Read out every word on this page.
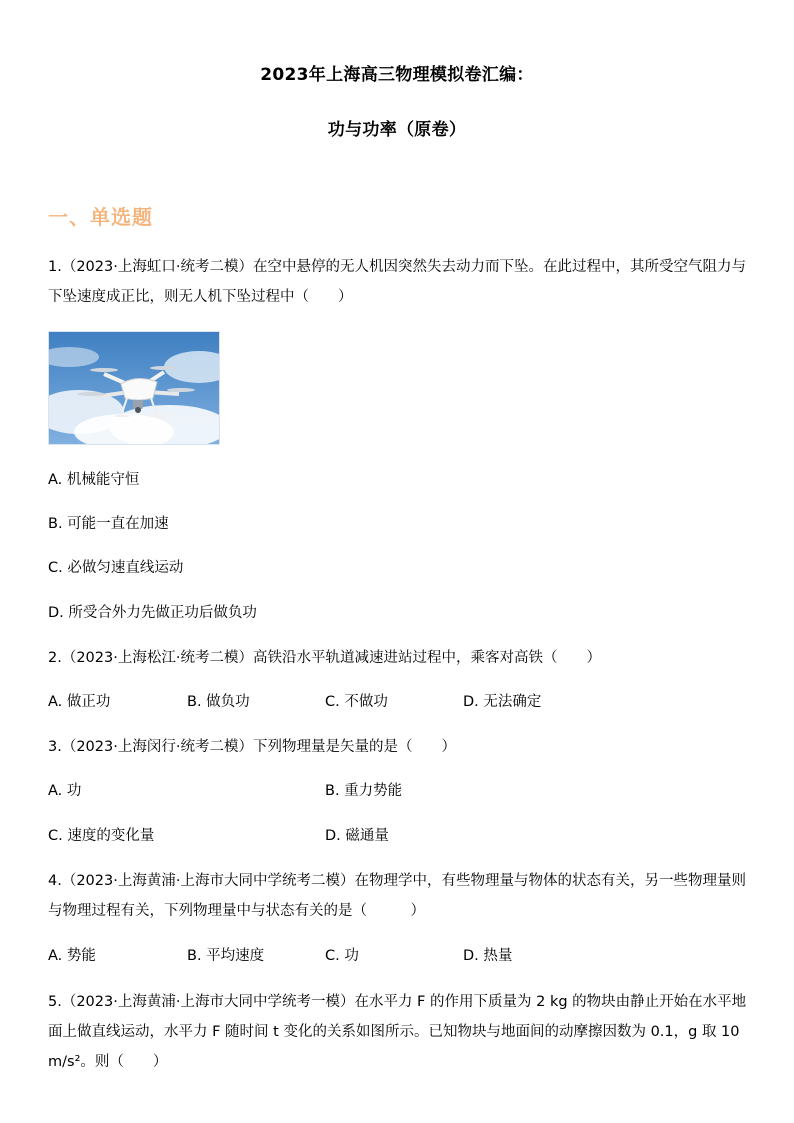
2023年上海高三物理模拟卷汇编：
功与功率（原卷）
一、单选题
1.（2023·上海虹口·统考二模）在空中悬停的无人机因突然失去动力而下坠。在此过程中，其所受空气阻力与下坠速度成正比，则无人机下坠过程中（　　）
A. 机械能守恒
B. 可能一直在加速
C. 必做匀速直线运动
D. 所受合外力先做正功后做负功
2.（2023·上海松江·统考二模）高铁沿水平轨道减速进站过程中，乘客对高铁（　　）
A. 做正功	B. 做负功	C. 不做功	D. 无法确定
3.（2023·上海闵行·统考二模）下列物理量是矢量的是（　　）
A. 功	B. 重力势能
C. 速度的变化量	D. 磁通量
4.（2023·上海黄浦·上海市大同中学统考二模）在物理学中，有些物理量与物体的状态有关，另一些物理量则与物理过程有关，下列物理量中与状态有关的是（　　　）
A. 势能	B. 平均速度	C. 功	D. 热量
5.（2023·上海黄浦·上海市大同中学统考一模）在水平力 F 的作用下质量为 2 kg 的物块由静止开始在水平地面上做直线运动，水平力 F 随时间 t 变化的关系如图所示。已知物块与地面间的动摩擦因数为 0.1，g 取 10 m/s²。则（　　）
